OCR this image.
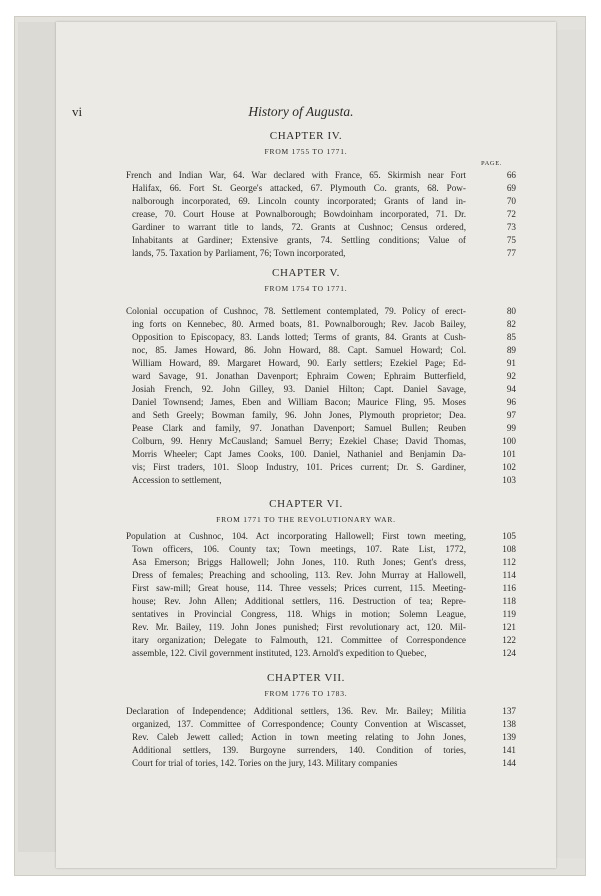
vi	History of Augusta.
CHAPTER IV.
FROM 1755 TO 1771.
PAGE.
French and Indian War, 64. War declared with France, 65. Skirmish near Fort	66
Halifax, 66. Fort St. George's attacked, 67. Plymouth Co. grants, 68. Pow-	69
nalborough incorporated, 69. Lincoln county incorporated; Grants of land in-	70
crease, 70. Court House at Pownalborough; Bowdoinham incorporated, 71. Dr.	72
Gardiner to warrant title to lands, 72. Grants at Cushnoc; Census ordered,	73
Inhabitants at Gardiner; Extensive grants, 74. Settling conditions; Value of	75
lands, 75. Taxation by Parliament, 76; Town incorporated,	77
CHAPTER V.
FROM 1754 TO 1771.
Colonial occupation of Cushnoc, 78. Settlement contemplated, 79. Policy of erect-	80
ing forts on Kennebec, 80. Armed boats, 81. Pownalborough; Rev. Jacob Bailey,	82
Opposition to Episcopacy, 83. Lands lotted; Terms of grants, 84. Grants at Cush-	85
noc, 85. James Howard, 86. John Howard, 88. Capt. Samuel Howard; Col.	89
William Howard, 89. Margaret Howard, 90. Early settlers; Ezekiel Page; Ed-	91
ward Savage, 91. Jonathan Davenport; Ephraim Cowen; Ephraim Butterfield,	92
Josiah French, 92. John Gilley, 93. Daniel Hilton; Capt. Daniel Savage,	94
Daniel Townsend; James, Eben and William Bacon; Maurice Fling, 95. Moses	96
and Seth Greely; Bowman family, 96. John Jones, Plymouth proprietor; Dea.	97
Pease Clark and family, 97. Jonathan Davenport; Samuel Bullen; Reuben	99
Colburn, 99. Henry McCausland; Samuel Berry; Ezekiel Chase; David Thomas,	100
Morris Wheeler; Capt James Cooks, 100. Daniel, Nathaniel and Benjamin Da-	101
vis; First traders, 101. Sloop Industry, 101. Prices current; Dr. S. Gardiner,	102
Accession to settlement,	103
CHAPTER VI.
FROM 1771 TO THE REVOLUTIONARY WAR.
Population at Cushnoc, 104. Act incorporating Hallowell; First town meeting,	105
Town officers, 106. County tax; Town meetings, 107. Rate List, 1772,	108
Asa Emerson; Briggs Hallowell; John Jones, 110. Ruth Jones; Gent's dress,	112
Dress of females; Preaching and schooling, 113. Rev. John Murray at Hallowell,	114
First saw-mill; Great house, 114. Three vessels; Prices current, 115. Meeting-	116
house; Rev. John Allen; Additional settlers, 116. Destruction of tea; Repre-	118
sentatives in Provincial Congress, 118. Whigs in motion; Solemn League,	119
Rev. Mr. Bailey, 119. John Jones punished; First revolutionary act, 120. Mil-	121
itary organization; Delegate to Falmouth, 121. Committee of Correspondence	122
assemble, 122. Civil government instituted, 123. Arnold's expedition to Quebec,	124
CHAPTER VII.
FROM 1776 TO 1783.
Declaration of Independence; Additional settlers, 136. Rev. Mr. Bailey; Militia	137
organized, 137. Committee of Correspondence; County Convention at Wiscasset,	138
Rev. Caleb Jewett called; Action in town meeting relating to John Jones,	139
Additional settlers, 139. Burgoyne surrenders, 140. Condition of tories,	141
Court for trial of tories, 142. Tories on the jury, 143. Military companies	144
